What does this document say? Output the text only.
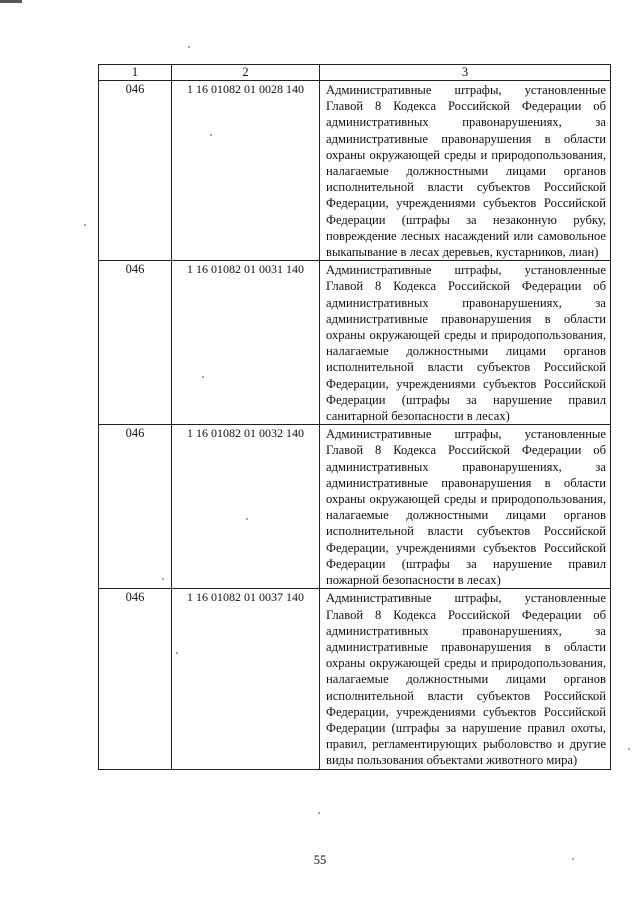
1	2	3
046	1 16 01082 01 0028 140	Административные штрафы, установленные Главой 8 Кодекса Российской Федерации об административных правонарушениях, за административные правонарушения в области охраны окружающей среды и природопользования, налагаемые должностными лицами органов исполнительной власти субъектов Российской Федерации, учреждениями субъектов Российской Федерации (штрафы за незаконную рубку, повреждение лесных насаждений или самовольное выкапывание в лесах деревьев, кустарников, лиан)

046	1 16 01082 01 0031 140	Административные штрафы, установленные Главой 8 Кодекса Российской Федерации об административных правонарушениях, за административные правонарушения в области охраны окружающей среды и природопользования, налагаемые должностными лицами органов исполнительной власти субъектов Российской Федерации, учреждениями субъектов Российской Федерации (штрафы за нарушение правил санитарной безопасности в лесах)

046	1 16 01082 01 0032 140	Административные штрафы, установленные Главой 8 Кодекса Российской Федерации об административных правонарушениях, за административные правонарушения в области охраны окружающей среды и природопользования, налагаемые должностными лицами органов исполнительной власти субъектов Российской Федерации, учреждениями субъектов Российской Федерации (штрафы за нарушение правил пожарной безопасности в лесах)

046	1 16 01082 01 0037 140	Административные штрафы, установленные Главой 8 Кодекса Российской Федерации об административных правонарушениях, за административные правонарушения в области охраны окружающей среды и природопользования, налагаемые должностными лицами органов исполнительной власти субъектов Российской Федерации, учреждениями субъектов Российской Федерации (штрафы за нарушение правил охоты, правил, регламентирующих рыболовство и другие виды пользования объектами животного мира)
55
